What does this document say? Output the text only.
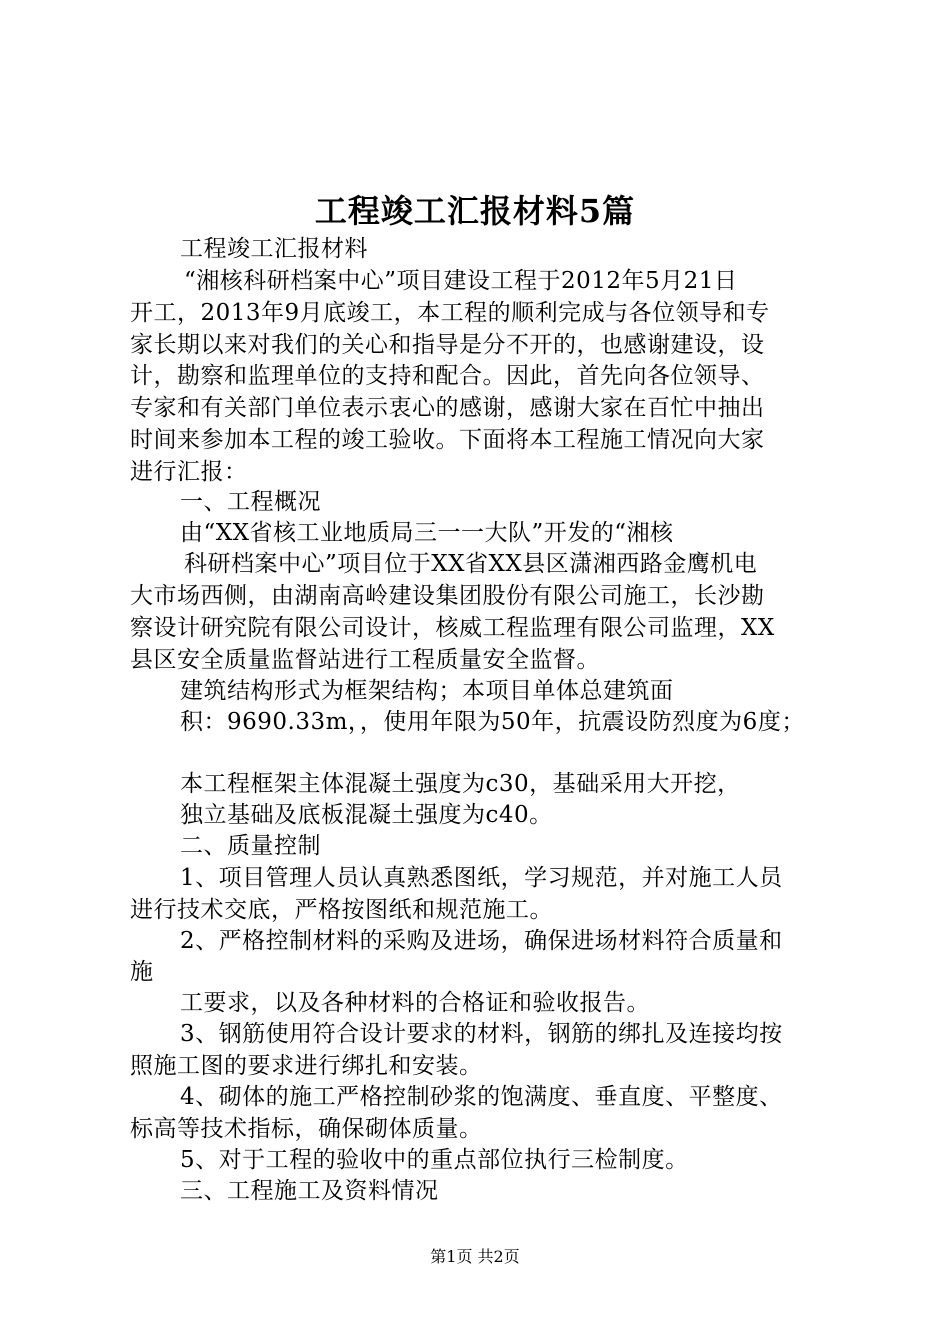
工程竣工汇报材料5篇
工程竣工汇报材料
“湘核科研档案中心”项目建设工程于2012年5月21日
开工，2013年9月底竣工，本工程的顺利完成与各位领导和专
家长期以来对我们的关心和指导是分不开的，也感谢建设，设
计，勘察和监理单位的支持和配合。因此，首先向各位领导、
专家和有关部门单位表示衷心的感谢，感谢大家在百忙中抽出
时间来参加本工程的竣工验收。下面将本工程施工情况向大家
进行汇报：
一、工程概况
由“XX省核工业地质局三一一大队”开发的“湘核
科研档案中心”项目位于XX省XX县区潇湘西路金鹰机电
大市场西侧，由湖南高岭建设集团股份有限公司施工，长沙勘
察设计研究院有限公司设计，核威工程监理有限公司监理，XX
县区安全质量监督站进行工程质量安全监督。
建筑结构形式为框架结构；本项目单体总建筑面
积：9690.33m，，使用年限为50年，抗震设防烈度为6度；
本工程框架主体混凝土强度为c30，基础采用大开挖，
独立基础及底板混凝土强度为c40。
二、质量控制
1、项目管理人员认真熟悉图纸，学习规范，并对施工人员
进行技术交底，严格按图纸和规范施工。
2、严格控制材料的采购及进场，确保进场材料符合质量和
施
工要求，以及各种材料的合格证和验收报告。
3、钢筋使用符合设计要求的材料，钢筋的绑扎及连接均按
照施工图的要求进行绑扎和安装。
4、砌体的施工严格控制砂浆的饱满度、垂直度、平整度、
标高等技术指标，确保砌体质量。
5、对于工程的验收中的重点部位执行三检制度。
三、工程施工及资料情况
第1页 共2页
